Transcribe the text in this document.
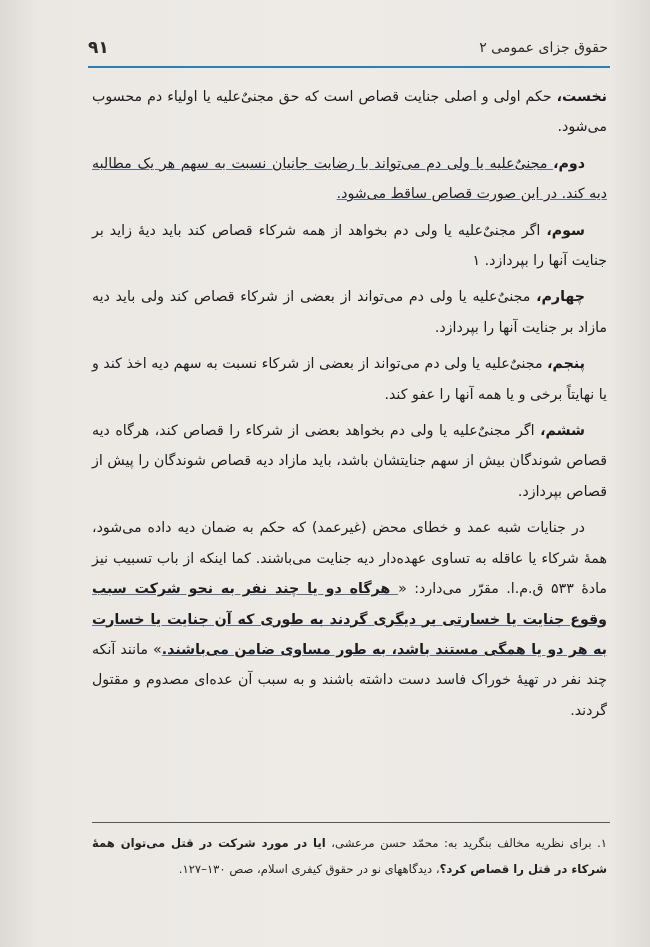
حقوق جزای عمومی ۲
۹۱

نخست، حکم اولی و اصلی جنایت قصاص است که حق مجنیٌ‌علیه یا اولیاء دم محسوب می‌شود.

دوم، مجنیٌ‌علیه یا ولی دم می‌تواند با رضایت جانیان نسبت به سهم هر یک مطالبه دیه کند. در این صورت قصاص ساقط می‌شود.

سوم، اگر مجنیٌ‌علیه یا ولی دم بخواهد از همه شرکاء قصاص کند باید دیهٔ زاید بر جنایت آنها را بپردازد. ۱

چهارم، مجنیٌ‌علیه یا ولی دم می‌تواند از بعضی از شرکاء قصاص کند ولی باید دیه مازاد بر جنایت آنها را بپردازد.

پنجم، مجنیٌ‌علیه یا ولی دم می‌تواند از بعضی از شرکاء نسبت به سهم دیه اخذ کند و یا نهایتاً برخی و یا همه آنها را عفو کند.

ششم، اگر مجنیٌ‌علیه یا ولی دم بخواهد بعضی از شرکاء را قصاص کند، هرگاه دیه قصاص شوندگان بیش از سهم جنایتشان باشد، باید مازاد دیه قصاص شوندگان را پیش از قصاص بپردازد.

در جنایات شبه عمد و خطای محض (غیرعمد) که حکم به ضمان دیه داده می‌شود، همهٔ شرکاء یا عاقله به تساوی عهده‌دار دیه جنایت می‌باشند. کما اینکه از باب تسبیب نیز مادهٔ ۵۳۳ ق.م.ا. مقرّر می‌دارد: « هرگاه دو یا چند نفر به نحو شرکت سبب وقوع جنایت یا خسارتی بر دیگری گردند به طوری که آن جنایت یا خسارت به هر دو یا همگی مستند باشد، به طور مساوی ضامن می‌باشند.» مانند آنکه چند نفر در تهیهٔ خوراک فاسد دست داشته باشند و به سبب آن عده‌ای مصدوم و مقتول گردند.

۱. برای نظریه مخالف بنگرید به: محمّد حسن مرعشی، ایا در مورد شرکت در قتل می‌توان همهٔ شرکاء در قتل را قصاص کرد؟، دیدگاههای نو در حقوق کیفری اسلام، صص ۱۳۰–۱۲۷.
